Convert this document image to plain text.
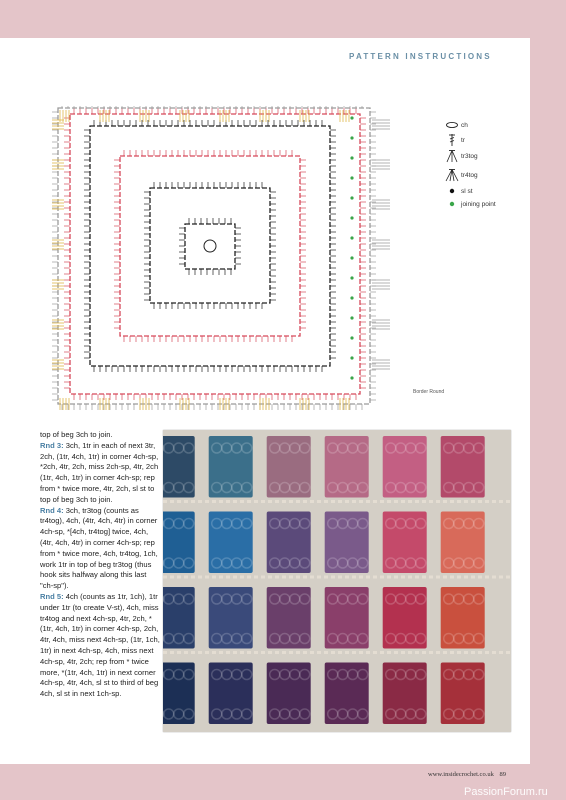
PATTERN INSTRUCTIONS
Border Round
ch
tr
tr3tog
tr4tog
sl st
joining point

top of beg 3ch to join.

Rnd 3: 3ch, 1tr in each of next 3tr, 2ch, (1tr, 4ch, 1tr) in corner 4ch-sp, *2ch, 4tr, 2ch, miss 2ch-sp, 4tr, 2ch (1tr, 4ch, 1tr) in corner 4ch-sp; rep from * twice more, 4tr, 2ch, sl st to top of beg 3ch to join.

Rnd 4: 3ch, tr3tog (counts as tr4tog), 4ch, (4tr, 4ch, 4tr) in corner 4ch-sp, *[4ch, tr4tog] twice, 4ch, (4tr, 4ch, 4tr) in corner 4ch-sp; rep from * twice more, 4ch, tr4tog, 1ch, work 1tr in top of beg tr3tog (thus hook sits halfway along this last "ch-sp").

Rnd 5: 4ch (counts as 1tr, 1ch), 1tr under 1tr (to create V-st), 4ch, miss tr4tog and next 4ch-sp, 4tr, 2ch, *(1tr, 4ch, 1tr) in corner 4ch-sp, 2ch, 4tr, 4ch, miss next 4ch-sp, (1tr, 1ch, 1tr) in next 4ch-sp, 4ch, miss next 4ch-sp, 4tr, 2ch; rep from * twice more, *(1tr, 4ch, 1tr) in next corner 4ch-sp, 4tr, 4ch, sl st to third of beg 4ch, sl st in next 1ch-sp.

www.insidecrochet.co.uk 89
PassionForum.ru
